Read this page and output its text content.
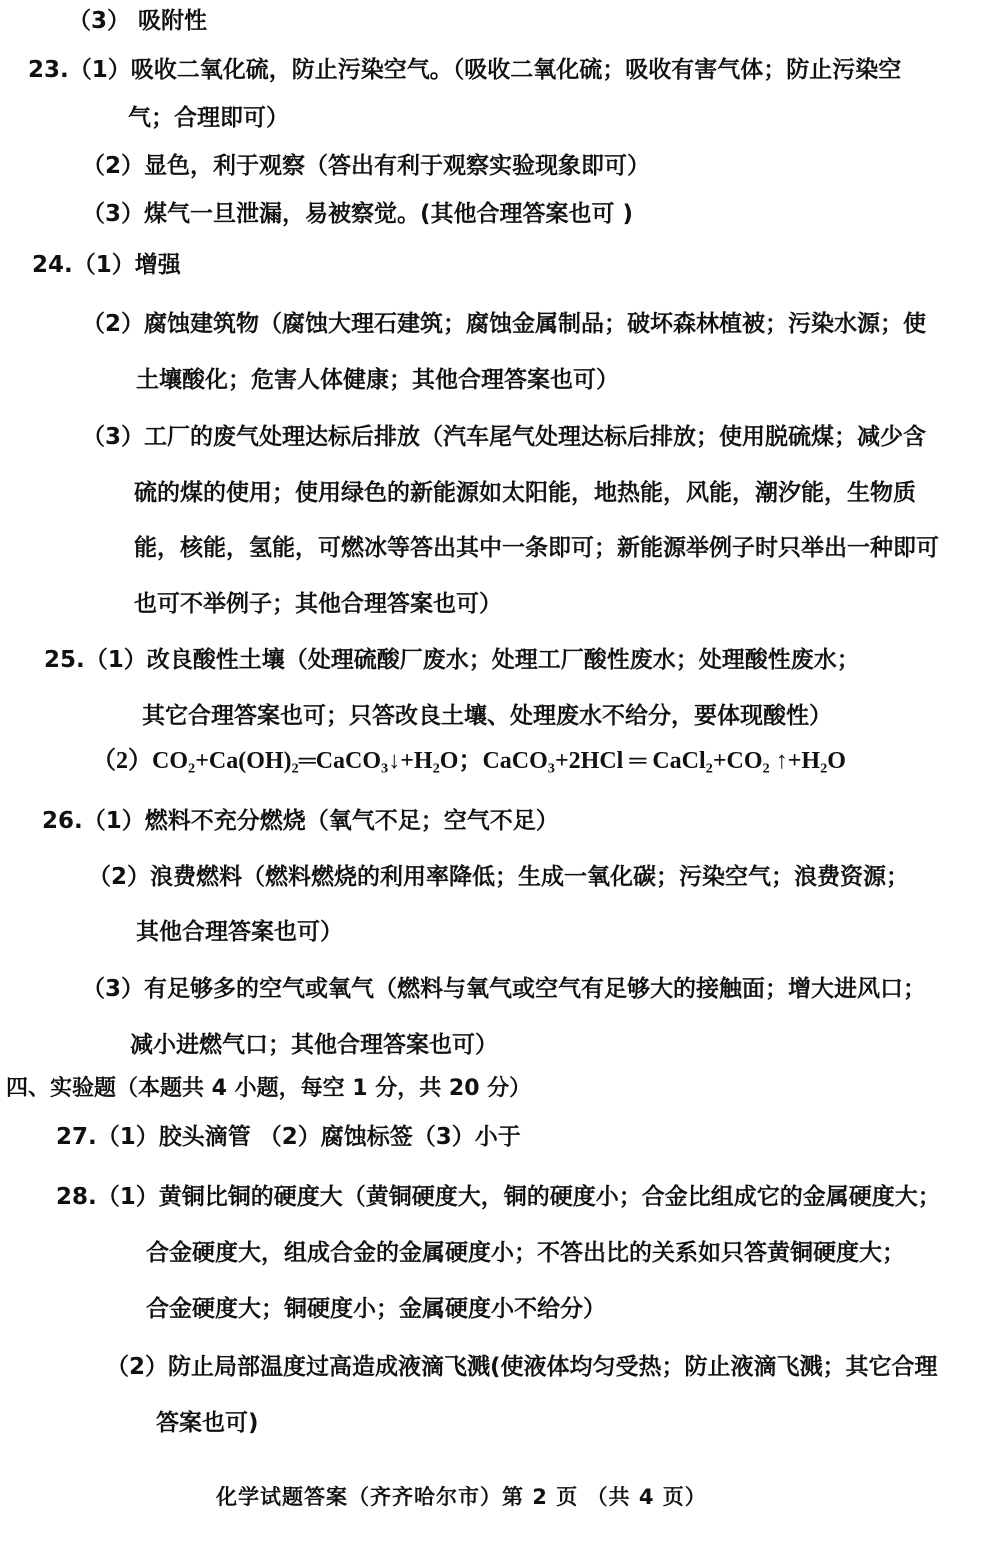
（3） 吸附性
23.（1）吸收二氧化硫，防止污染空气。（吸收二氧化硫；吸收有害气体；防止污染空
气；合理即可）
（2）显色，利于观察（答出有利于观察实验现象即可）
（3）煤气一旦泄漏，易被察觉。(其他合理答案也可 )
24.（1）增强
（2）腐蚀建筑物（腐蚀大理石建筑；腐蚀金属制品；破坏森林植被；污染水源；使
土壤酸化；危害人体健康；其他合理答案也可）
（3）工厂的废气处理达标后排放（汽车尾气处理达标后排放；使用脱硫煤；减少含
硫的煤的使用；使用绿色的新能源如太阳能，地热能，风能，潮汐能，生物质
能，核能，氢能，可燃冰等答出其中一条即可；新能源举例子时只举出一种即可
也可不举例子；其他合理答案也可）
25.（1）改良酸性土壤（处理硫酸厂废水；处理工厂酸性废水；处理酸性废水；
其它合理答案也可；只答改良土壤、处理废水不给分，要体现酸性）
（2）CO₂+Ca(OH)₂═CaCO₃↓+H₂O；CaCO₃+2HCl ═ CaCl₂+CO₂ ↑+H₂O
26.（1）燃料不充分燃烧（氧气不足；空气不足）
（2）浪费燃料（燃料燃烧的利用率降低；生成一氧化碳；污染空气；浪费资源；
其他合理答案也可）
（3）有足够多的空气或氧气（燃料与氧气或空气有足够大的接触面；增大进风口；
减小进燃气口；其他合理答案也可）
四、实验题（本题共 4 小题，每空 1 分，共 20 分）
27.（1）胶头滴管 （2）腐蚀标签（3）小于
28.（1）黄铜比铜的硬度大（黄铜硬度大，铜的硬度小；合金比组成它的金属硬度大；
合金硬度大，组成合金的金属硬度小；不答出比的关系如只答黄铜硬度大；
合金硬度大；铜硬度小；金属硬度小不给分）
（2）防止局部温度过高造成液滴飞溅(使液体均匀受热；防止液滴飞溅；其它合理
答案也可)
化学试题答案（齐齐哈尔市）第 2 页 （共 4 页）
